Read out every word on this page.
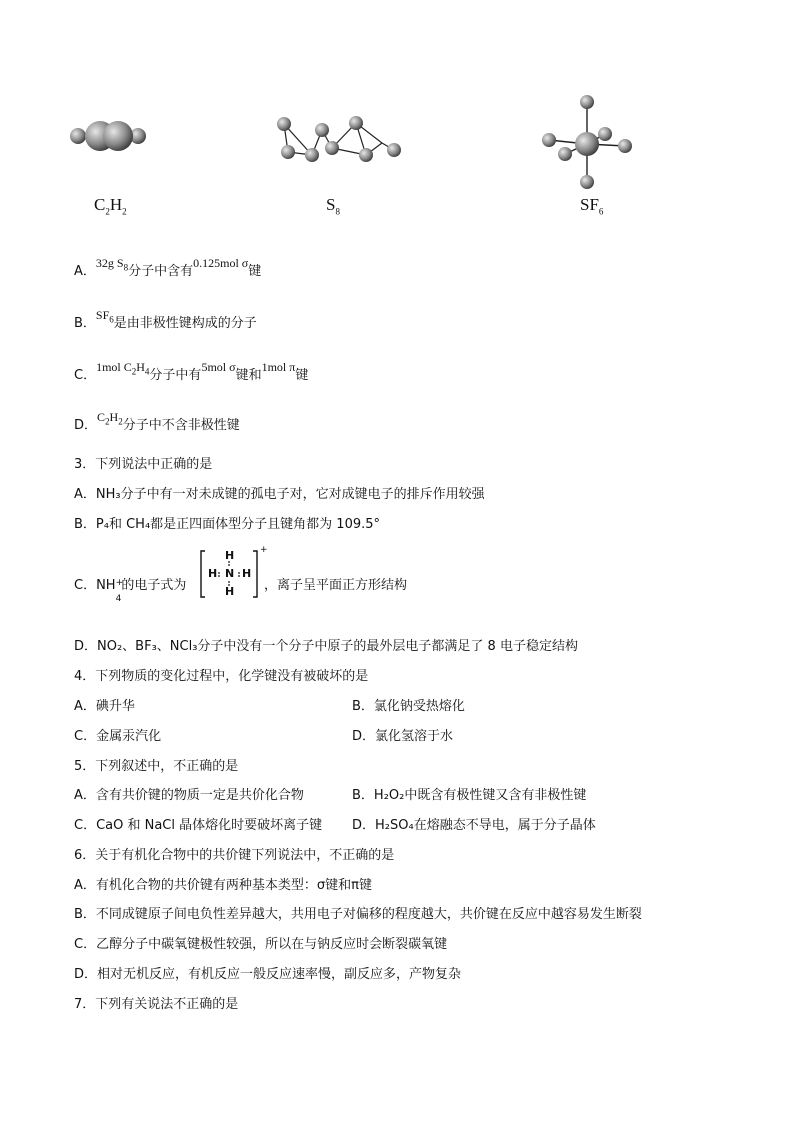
$C_2H_2$	$S_8$	$SF_6$
A．32g $S_8$分子中含有0.125mol σ键
B．$SF_6$是由非极性键构成的分子
C．1mol $C_2H_4$分子中有5mol σ键和1mol π键
D．$C_2H_2$分子中不含非极性键
3．下列说法中正确的是
A．NH₃分子中有一对未成键的孤电子对，它对成键电子的排斥作用较强
B．P₄和 CH₄都是正四面体型分子且键角都为 109.5°
C．$NH_4$
+
的电子式为
H
H N H
H
+
，离子呈平面正方形结构
D．NO₂、BF₃、NCl₃分子中没有一个分子中原子的最外层电子都满足了 8 电子稳定结构
4．下列物质的变化过程中，化学键没有被破坏的是
A．碘升华	B．氯化钠受热熔化
C．金属汞汽化	D．氯化氢溶于水
5．下列叙述中，不正确的是
A．含有共价键的物质一定是共价化合物	B．H₂O₂中既含有极性键又含有非极性键
C．CaO 和 NaCl 晶体熔化时要破坏离子键 D．H₂SO₄在熔融态不导电，属于分子晶体
6．关于有机化合物中的共价键下列说法中，不正确的是
A．有机化合物的共价键有两种基本类型：σ键和π键
B．不同成键原子间电负性差异越大，共用电子对偏移的程度越大，共价键在反应中越容易发生断裂
C．乙醇分子中碳氧键极性较强，所以在与钠反应时会断裂碳氧键
D．相对无机反应，有机反应一般反应速率慢，副反应多，产物复杂
7．下列有关说法不正确的是
